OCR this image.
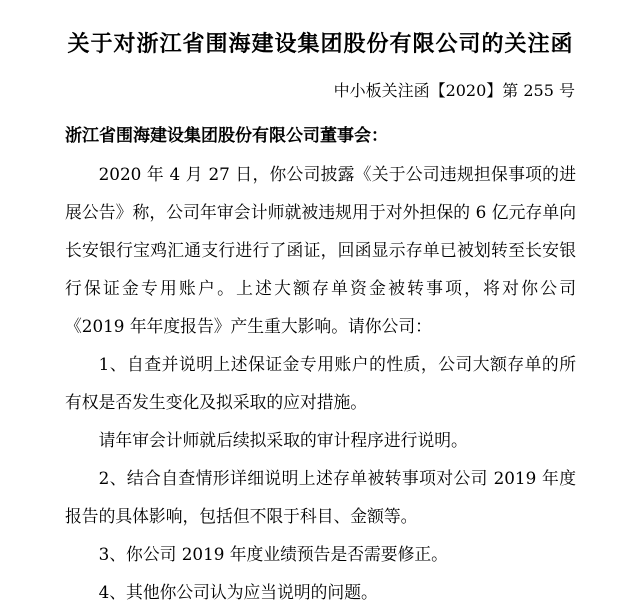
关于对浙江省围海建设集团股份有限公司的关注函
中小板关注函【2020】第 255 号

浙江省围海建设集团股份有限公司董事会：

2020 年 4 月 27 日，你公司披露《关于公司违规担保事项的进展公告》称，公司年审会计师就被违规用于对外担保的 6 亿元存单向长安银行宝鸡汇通支行进行了函证，回函显示存单已被划转至长安银行保证金专用账户。上述大额存单资金被转事项，将对你公司《2019 年年度报告》产生重大影响。请你公司：

1、自查并说明上述保证金专用账户的性质，公司大额存单的所有权是否发生变化及拟采取的应对措施。

请年审会计师就后续拟采取的审计程序进行说明。

2、结合自查情形详细说明上述存单被转事项对公司 2019 年度报告的具体影响，包括但不限于科目、金额等。

3、你公司 2019 年度业绩预告是否需要修正。

4、其他你公司认为应当说明的问题。
